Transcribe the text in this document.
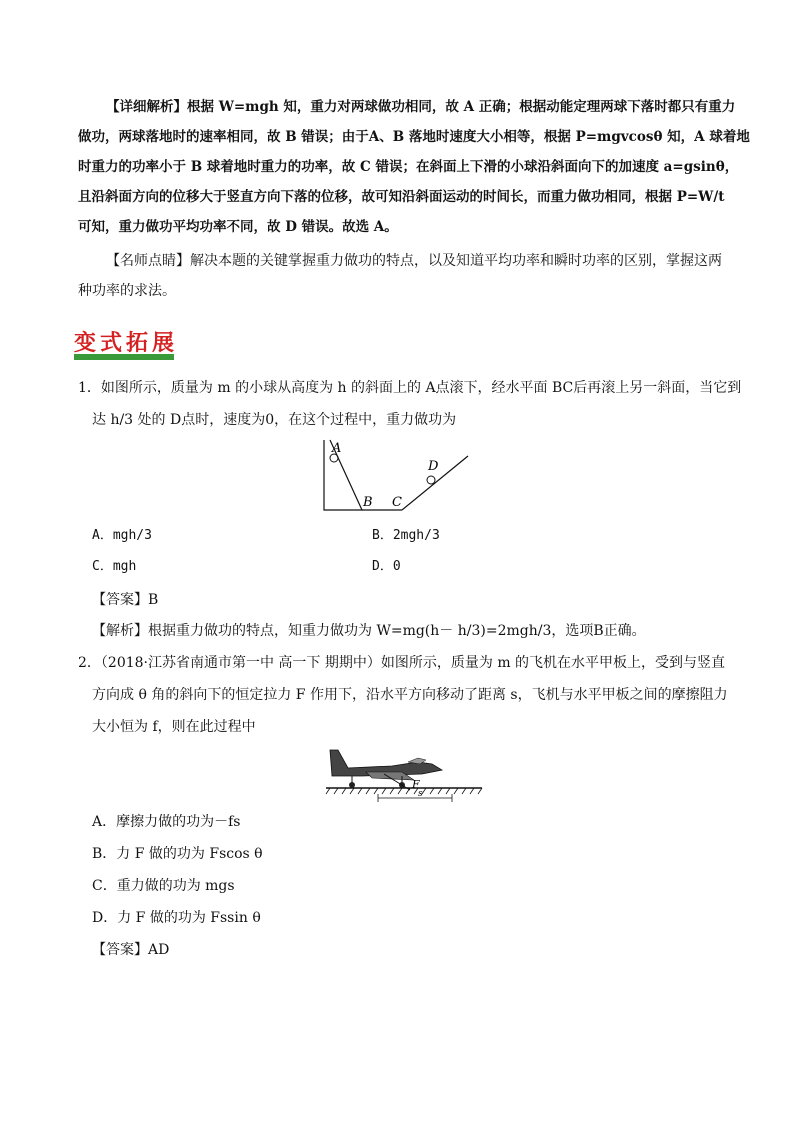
【详细解析】根据 W=mgh 知，重力对两球做功相同，故 A 正确；根据动能定理两球下落时都只有重力
做功，两球落地时的速率相同，故 B 错误；由于A、B 落地时速度大小相等，根据 P=mgvcosθ 知，A 球着地
时重力的功率小于 B 球着地时重力的功率，故 C 错误；在斜面上下滑的小球沿斜面向下的加速度 a=gsinθ，
且沿斜面方向的位移大于竖直方向下落的位移，故可知沿斜面运动的时间长，而重力做功相同，根据 P=W/t
可知，重力做功平均功率不同，故 D 错误。故选 A。
【名师点睛】解决本题的关键掌握重力做功的特点，以及知道平均功率和瞬时功率的区别，掌握这两
种功率的求法。
变式拓展
1．如图所示，质量为 m 的小球从高度为 h 的斜面上的 A点滚下，经水平面 BC后再滚上另一斜面，当它到
达 h/3 处的 D点时，速度为0，在这个过程中，重力做功为
A
B C
D
A．mgh/3	B．2mgh/3
C．mgh	D．0
【答案】B
【解析】根据重力做功的特点，知重力做功为 W=mg(h－ h/3)=2mgh/3，选项B正确。
2．（2018·江苏省南通市第一中 高一下 期期中）如图所示，质量为 m 的飞机在水平甲板上，受到与竖直
方向成 θ 角的斜向下的恒定拉力 F 作用下，沿水平方向移动了距离 s，飞机与水平甲板之间的摩擦阻力
大小恒为 f，则在此过程中
F
s
A．摩擦力做的功为－fs
B．力 F 做的功为 Fscos θ
C．重力做的功为 mgs
D．力 F 做的功为 Fssin θ
【答案】AD
